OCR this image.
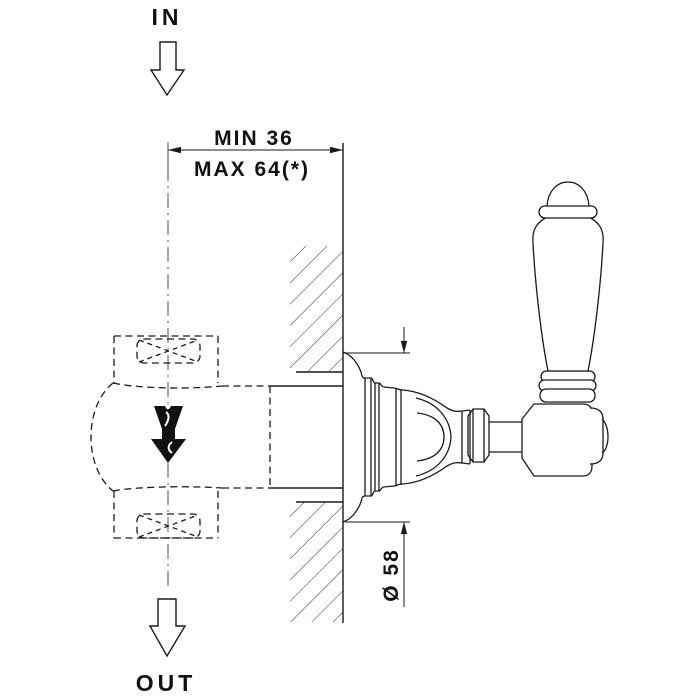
IN
OUT
MIN 36
MAX 64(*)
Ø 58
